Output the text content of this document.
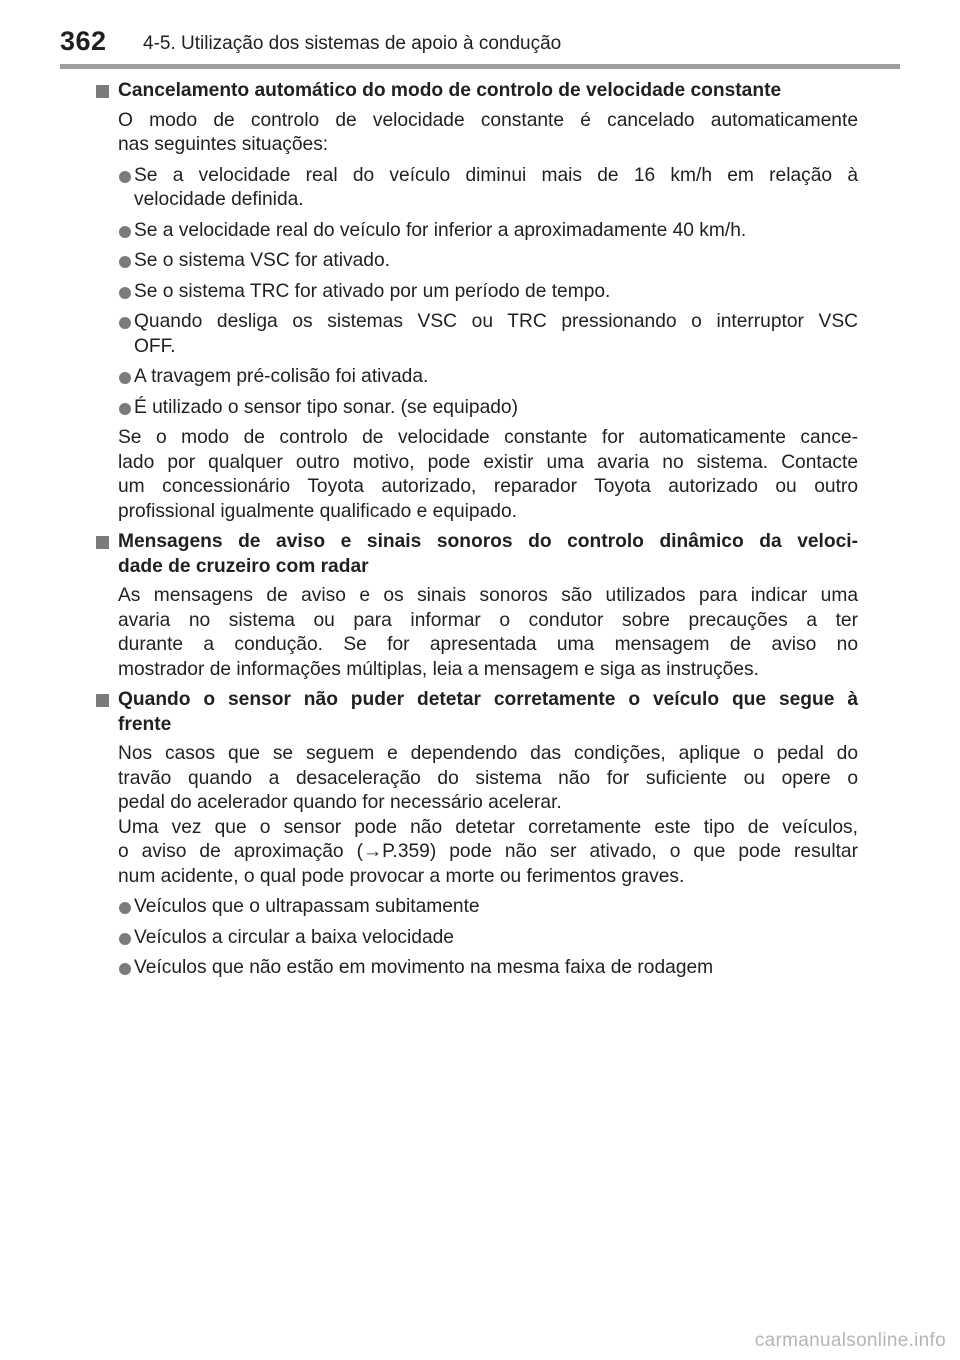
362 4-5. Utilização dos sistemas de apoio à condução
Cancelamento automático do modo de controlo de velocidade constante
O modo de controlo de velocidade constante é cancelado automaticamente
nas seguintes situações:
Se a velocidade real do veículo diminui mais de 16 km/h em relação à
velocidade definida.
Se a velocidade real do veículo for inferior a aproximadamente 40 km/h.
Se o sistema VSC for ativado.
Se o sistema TRC for ativado por um período de tempo.
Quando desliga os sistemas VSC ou TRC pressionando o interruptor VSC
OFF.
A travagem pré-colisão foi ativada.
É utilizado o sensor tipo sonar. (se equipado)
Se o modo de controlo de velocidade constante for automaticamente cance-
lado por qualquer outro motivo, pode existir uma avaria no sistema. Contacte
um concessionário Toyota autorizado, reparador Toyota autorizado ou outro
profissional igualmente qualificado e equipado.
Mensagens de aviso e sinais sonoros do controlo dinâmico da veloci-
dade de cruzeiro com radar
As mensagens de aviso e os sinais sonoros são utilizados para indicar uma
avaria no sistema ou para informar o condutor sobre precauções a ter
durante a condução. Se for apresentada uma mensagem de aviso no
mostrador de informações múltiplas, leia a mensagem e siga as instruções.
Quando o sensor não puder detetar corretamente o veículo que segue à
frente
Nos casos que se seguem e dependendo das condições, aplique o pedal do
travão quando a desaceleração do sistema não for suficiente ou opere o
pedal do acelerador quando for necessário acelerar.
Uma vez que o sensor pode não detetar corretamente este tipo de veículos,
o aviso de aproximação (→P.359) pode não ser ativado, o que pode resultar
num acidente, o qual pode provocar a morte ou ferimentos graves.
Veículos que o ultrapassam subitamente
Veículos a circular a baixa velocidade
Veículos que não estão em movimento na mesma faixa de rodagem
carmanualsonline.info
